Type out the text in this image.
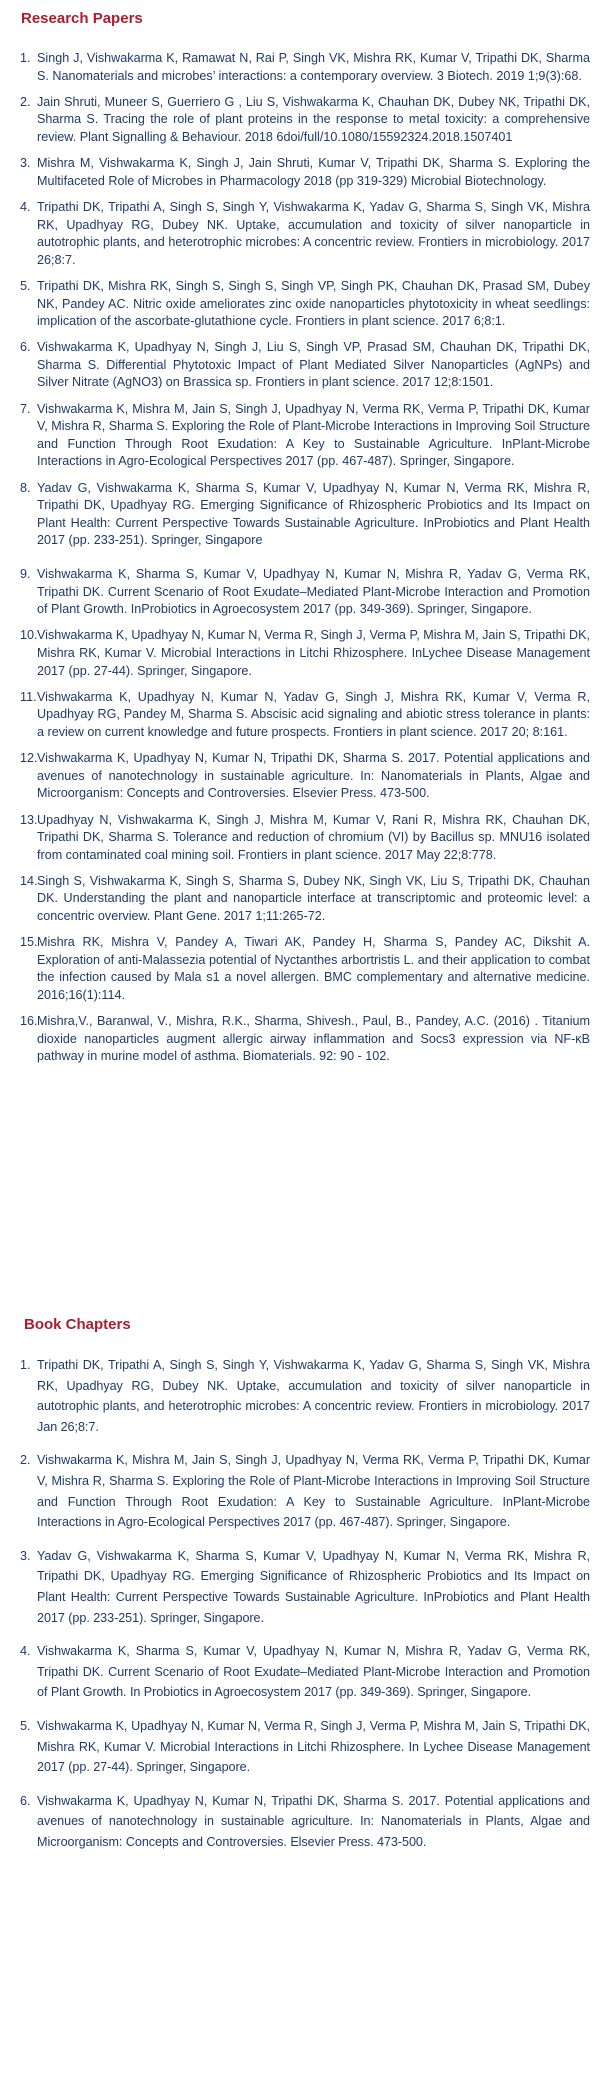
Research Papers
1. Singh J, Vishwakarma K, Ramawat N, Rai P, Singh VK, Mishra RK, Kumar V, Tripathi DK, Sharma S. Nanomaterials and microbes’ interactions: a contemporary overview. 3 Biotech. 2019 1;9(3):68.
2. Jain Shruti, Muneer S, Guerriero G , Liu S, Vishwakarma K, Chauhan DK, Dubey NK, Tripathi DK, Sharma S. Tracing the role of plant proteins in the response to metal toxicity: a comprehensive review. Plant Signalling & Behaviour. 2018 6doi/full/10.1080/15592324.2018.1507401
3. Mishra M, Vishwakarma K, Singh J, Jain Shruti, Kumar V, Tripathi DK, Sharma S. Exploring the Multifaceted Role of Microbes in Pharmacology 2018 (pp 319-329) Microbial Biotechnology.
4. Tripathi DK, Tripathi A, Singh S, Singh Y, Vishwakarma K, Yadav G, Sharma S, Singh VK, Mishra RK, Upadhyay RG, Dubey NK. Uptake, accumulation and toxicity of silver nanoparticle in autotrophic plants, and heterotrophic microbes: A concentric review. Frontiers in microbiology. 2017 26;8:7.
5. Tripathi DK, Mishra RK, Singh S, Singh S, Singh VP, Singh PK, Chauhan DK, Prasad SM, Dubey NK, Pandey AC. Nitric oxide ameliorates zinc oxide nanoparticles phytotoxicity in wheat seedlings: implication of the ascorbate-glutathione cycle. Frontiers in plant science. 2017 6;8:1.
6. Vishwakarma K, Upadhyay N, Singh J, Liu S, Singh VP, Prasad SM, Chauhan DK, Tripathi DK, Sharma S. Differential Phytotoxic Impact of Plant Mediated Silver Nanoparticles (AgNPs) and Silver Nitrate (AgNO3) on Brassica sp. Frontiers in plant science. 2017 12;8:1501.
7. Vishwakarma K, Mishra M, Jain S, Singh J, Upadhyay N, Verma RK, Verma P, Tripathi DK, Kumar V, Mishra R, Sharma S. Exploring the Role of Plant-Microbe Interactions in Improving Soil Structure and Function Through Root Exudation: A Key to Sustainable Agriculture. InPlant-Microbe Interactions in Agro-Ecological Perspectives 2017 (pp. 467-487). Springer, Singapore.
8. Yadav G, Vishwakarma K, Sharma S, Kumar V, Upadhyay N, Kumar N, Verma RK, Mishra R, Tripathi DK, Upadhyay RG. Emerging Significance of Rhizospheric Probiotics and Its Impact on Plant Health: Current Perspective Towards Sustainable Agriculture. InProbiotics and Plant Health 2017 (pp. 233-251). Springer, Singapore
9. Vishwakarma K, Sharma S, Kumar V, Upadhyay N, Kumar N, Mishra R, Yadav G, Verma RK, Tripathi DK. Current Scenario of Root Exudate–Mediated Plant-Microbe Interaction and Promotion of Plant Growth. InProbiotics in Agroecosystem 2017 (pp. 349-369). Springer, Singapore.
10. Vishwakarma K, Upadhyay N, Kumar N, Verma R, Singh J, Verma P, Mishra M, Jain S, Tripathi DK, Mishra RK, Kumar V. Microbial Interactions in Litchi Rhizosphere. InLychee Disease Management 2017 (pp. 27-44). Springer, Singapore.
11. Vishwakarma K, Upadhyay N, Kumar N, Yadav G, Singh J, Mishra RK, Kumar V, Verma R, Upadhyay RG, Pandey M, Sharma S. Abscisic acid signaling and abiotic stress tolerance in plants: a review on current knowledge and future prospects. Frontiers in plant science. 2017 20; 8:161.
12. Vishwakarma K, Upadhyay N, Kumar N, Tripathi DK, Sharma S. 2017. Potential applications and avenues of nanotechnology in sustainable agriculture. In: Nanomaterials in Plants, Algae and Microorganism: Concepts and Controversies. Elsevier Press. 473-500.
13. Upadhyay N, Vishwakarma K, Singh J, Mishra M, Kumar V, Rani R, Mishra RK, Chauhan DK, Tripathi DK, Sharma S. Tolerance and reduction of chromium (VI) by Bacillus sp. MNU16 isolated from contaminated coal mining soil. Frontiers in plant science. 2017 May 22;8:778.
14. Singh S, Vishwakarma K, Singh S, Sharma S, Dubey NK, Singh VK, Liu S, Tripathi DK, Chauhan DK. Understanding the plant and nanoparticle interface at transcriptomic and proteomic level: a concentric overview. Plant Gene. 2017 1;11:265-72.
15. Mishra RK, Mishra V, Pandey A, Tiwari AK, Pandey H, Sharma S, Pandey AC, Dikshit A. Exploration of anti-Malassezia potential of Nyctanthes arbortristis L. and their application to combat the infection caused by Mala s1 a novel allergen. BMC complementary and alternative medicine. 2016;16(1):114.
16. Mishra,V., Baranwal, V., Mishra, R.K., Sharma, Shivesh., Paul, B., Pandey, A.C. (2016) . Titanium dioxide nanoparticles augment allergic airway inflammation and Socs3 expression via NF-κB pathway in murine model of asthma. Biomaterials. 92: 90 - 102.
Book Chapters
1. Tripathi DK, Tripathi A, Singh S, Singh Y, Vishwakarma K, Yadav G, Sharma S, Singh VK, Mishra RK, Upadhyay RG, Dubey NK. Uptake, accumulation and toxicity of silver nanoparticle in autotrophic plants, and heterotrophic microbes: A concentric review. Frontiers in microbiology. 2017 Jan 26;8:7.
2. Vishwakarma K, Mishra M, Jain S, Singh J, Upadhyay N, Verma RK, Verma P, Tripathi DK, Kumar V, Mishra R, Sharma S. Exploring the Role of Plant-Microbe Interactions in Improving Soil Structure and Function Through Root Exudation: A Key to Sustainable Agriculture. InPlant-Microbe Interactions in Agro-Ecological Perspectives 2017 (pp. 467-487). Springer, Singapore.
3. Yadav G, Vishwakarma K, Sharma S, Kumar V, Upadhyay N, Kumar N, Verma RK, Mishra R, Tripathi DK, Upadhyay RG. Emerging Significance of Rhizospheric Probiotics and Its Impact on Plant Health: Current Perspective Towards Sustainable Agriculture. InProbiotics and Plant Health 2017 (pp. 233-251). Springer, Singapore.
4. Vishwakarma K, Sharma S, Kumar V, Upadhyay N, Kumar N, Mishra R, Yadav G, Verma RK, Tripathi DK. Current Scenario of Root Exudate–Mediated Plant-Microbe Interaction and Promotion of Plant Growth. In Probiotics in Agroecosystem 2017 (pp. 349-369). Springer, Singapore.
5. Vishwakarma K, Upadhyay N, Kumar N, Verma R, Singh J, Verma P, Mishra M, Jain S, Tripathi DK, Mishra RK, Kumar V. Microbial Interactions in Litchi Rhizosphere. In Lychee Disease Management 2017 (pp. 27-44). Springer, Singapore.
6. Vishwakarma K, Upadhyay N, Kumar N, Tripathi DK, Sharma S. 2017. Potential applications and avenues of nanotechnology in sustainable agriculture. In: Nanomaterials in Plants, Algae and Microorganism: Concepts and Controversies. Elsevier Press. 473-500.
